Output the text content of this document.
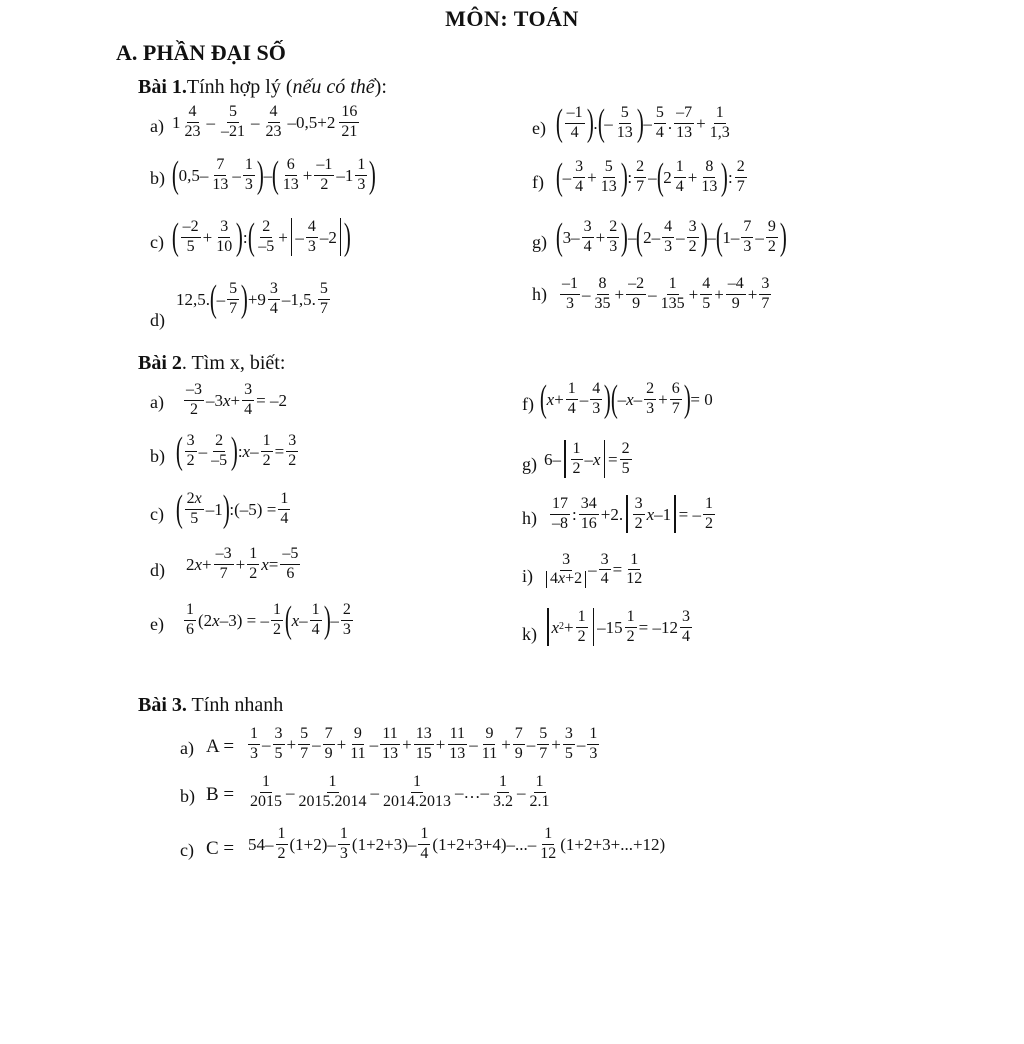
MÔN: TOÁN
A. PHẦN ĐẠI SỐ
Bài 1.Tính hợp lý (nếu có thể):
a) 1
4
23 –
5
–21 –
4
23 –0,5+2
16
21
b) ( 0,5–
7
13 –
1
3 ) – ( 6
13 +
–1
2 –1
1
3 )
c) ( –2
5 +
3
10 ) : ( 2
–5 + –
4
3 –2 )
d)
12,5. ( –
5
7 ) +9
3
4 –1,5.
5
7
e) ( –1
4 ) . ( –
5
13 ) –
5
4 .
–7
13 +
1
1,3
f) ( –
3
4 +
5
13 ) :
2
7 – ( 2
1
4 +
8
13 ) :
2
7
g) ( 3–
3
4 +
2
3 ) – ( 2–
4
3 –
3
2 ) – ( 1–
7
3 –
9
2 )
h)
–1
3 –
8
35 +
–2
9 –
1
135 +
4
5 +
–4
9 +
3
7
Bài 2. Tìm x, biết:
a)
–3
2 –3 x +
3
4 = –2
b) ( 3
2 –
2
–5 ) : x –
1
2 =
3
2
c) ( 2x
5 –1 ) :(–5) =
1
4
d) 2 x +
–3
7 +
1
2 x =
–5
6
e)
1
6 (2 x –3) = –
1
2 ( x –
1
4 ) –
2
3
f) ( x +
1
4 –
4
3 ) ( – x –
2
3 +
6
7 ) = 0
g) 6–
1
2 – x =
2
5
h)
17
–8 :
34
16 +2.
3
2 x –1 = –
1
2
i)
3
4x+2 –
3
4 =
1
12
k) x 2 +
1
2 –15
1
2 = –12
3
4
Bài 3. Tính nhanh
a) A =
1
3 –
3
5 +
5
7 –
7
9 +
9
11 –
11
13 +
13
15 +
11
13 –
9
11 +
7
9 –
5
7 +
3
5 –
1
3
b) B =
1
2015 –
1
2015.2014 –
1
2014.2013 –…–
1
3.2 –
1
2.1
c) C = 54–
1
2 (1+2)–
1
3 (1+2+3)–
1
4 (1+2+3+4)–...–
1
12 (1+2+3+...+12)
